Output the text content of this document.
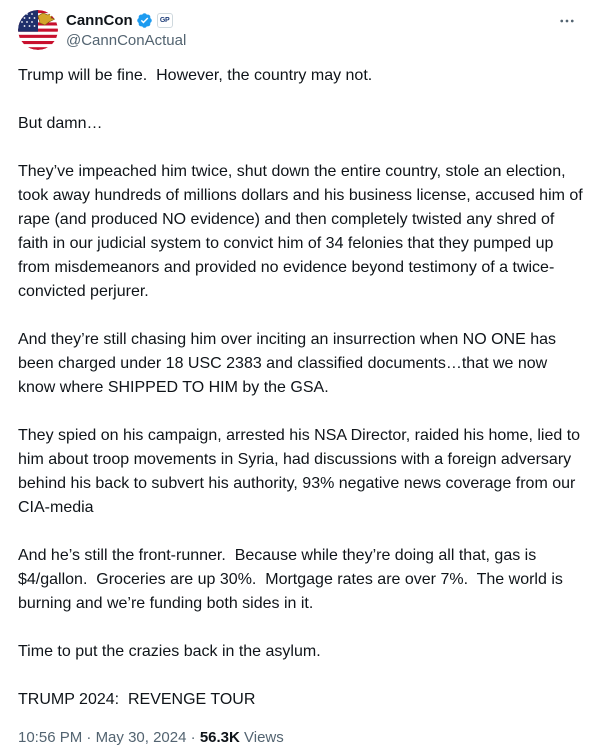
CannCon	GP
@CannConActual

Trump will be fine.  However, the country may not.

But damn…

They’ve impeached him twice, shut down the entire country, stole an election, took away hundreds of millions dollars and his business license, accused him of rape (and produced NO evidence) and then completely twisted any shred of faith in our judicial system to convict him of 34 felonies that they pumped up from misdemeanors and provided no evidence beyond testimony of a twice- convicted perjurer.

And they’re still chasing him over inciting an insurrection when NO ONE has been charged under 18 USC 2383 and classified documents…that we now know where SHIPPED TO HIM by the GSA.

They spied on his campaign, arrested his NSA Director, raided his home, lied to him about troop movements in Syria, had discussions with a foreign adversary behind his back to subvert his authority, 93% negative news coverage from our CIA-media

And he’s still the front-runner.  Because while they’re doing all that, gas is $4/gallon.  Groceries are up 30%.  Mortgage rates are over 7%.  The world is burning and we’re funding both sides in it.

Time to put the crazies back in the asylum.

TRUMP 2024:  REVENGE TOUR

10:56 PM · May 30, 2024 · 56.3K Views
